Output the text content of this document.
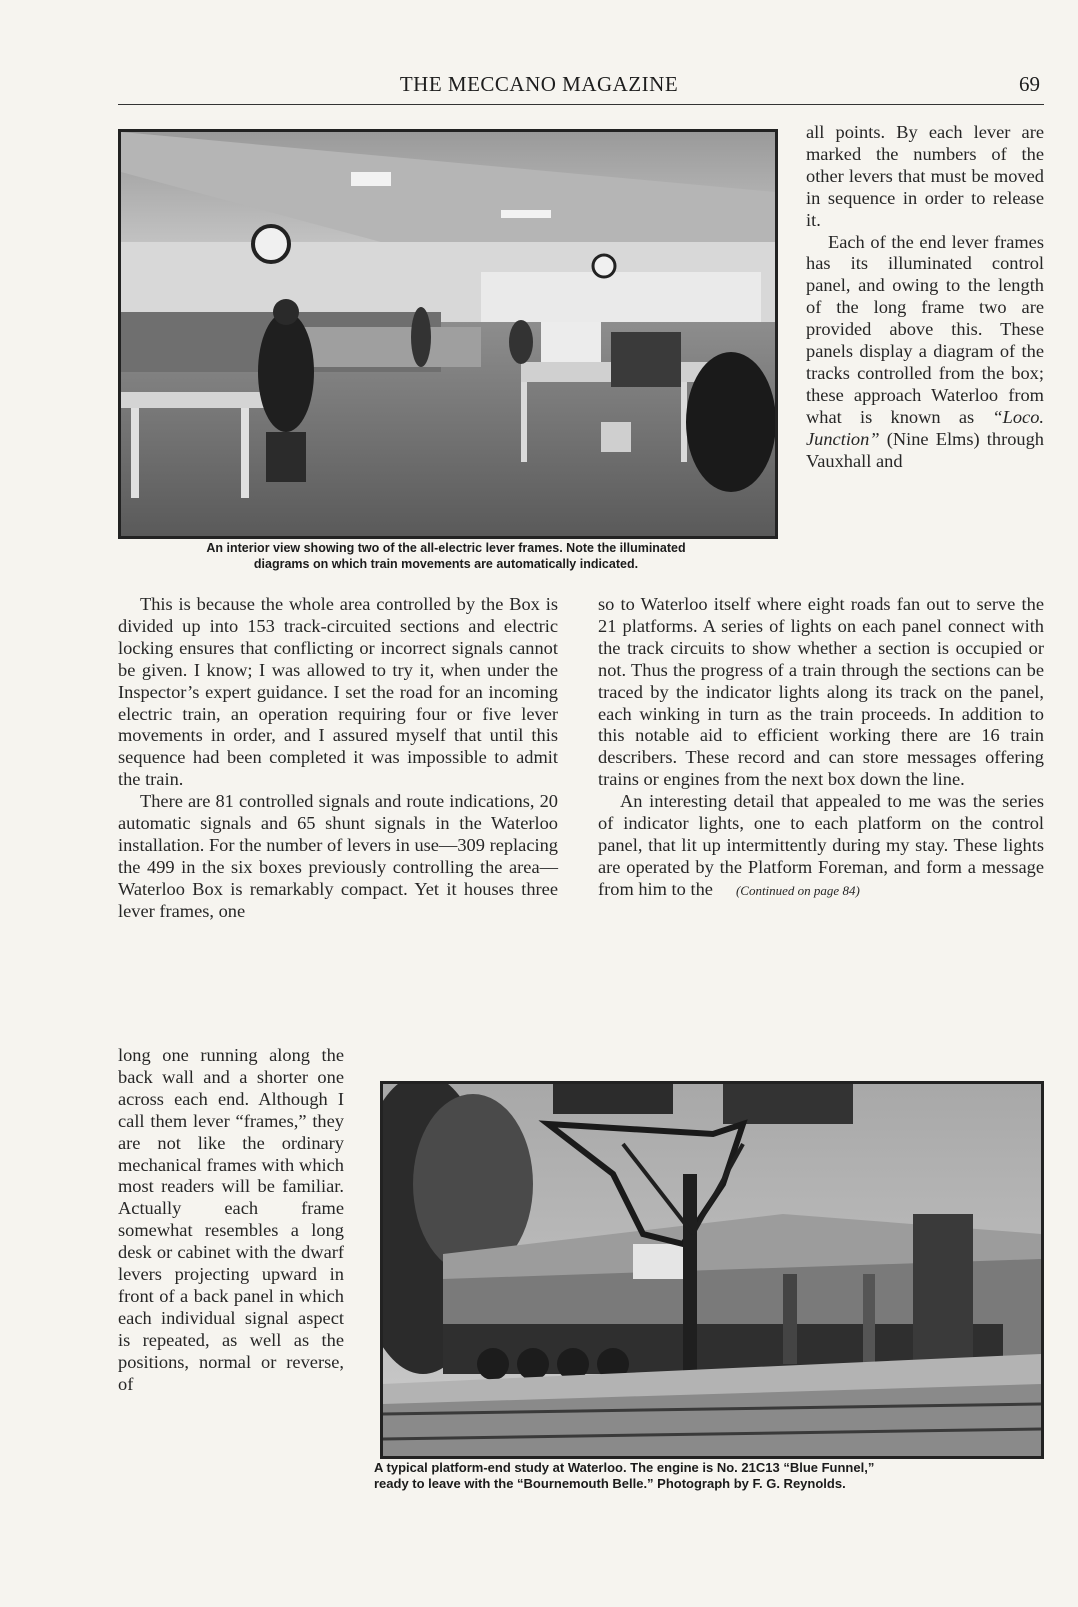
THE MECCANO MAGAZINE	69
An interior view showing two of the all-electric lever frames. Note the illuminated
diagrams on which train movements are automatically indicated.

all points. By each lever are marked the numbers of the other levers that must be moved in sequence in order to release it.

Each of the end lever frames has its illuminated control panel, and owing to the length of the long frame two are provided above this. These panels display a diagram of the tracks controlled from the box; these approach Waterloo from what is known as “Loco. Junction” (Nine Elms) through Vauxhall and

This is because the whole area controlled by the Box is divided up into 153 track-circuited sections and electric locking ensures that conflicting or incorrect signals cannot be given. I know; I was allowed to try it, when under the Inspector’s expert guidance. I set the road for an incoming electric train, an operation requiring four or five lever movements in order, and I assured myself that until this sequence had been completed it was impossible to admit the train.

There are 81 controlled signals and route indications, 20 automatic signals and 65 shunt signals in the Waterloo installation. For the number of levers in use—309 replacing the 499 in the six boxes previously controlling the area—Waterloo Box is remarkably compact. Yet it houses three lever frames, one

long one running along the back wall and a shorter one across each end. Although I call them lever “frames,” they are not like the ordinary mechanical frames with which most readers will be familiar. Actually each frame somewhat resembles a long desk or cabinet with the dwarf levers projecting upward in front of a back panel in which each individual signal aspect is repeated, as well as the positions, normal or reverse, of

so to Waterloo itself where eight roads fan out to serve the 21 platforms. A series of lights on each panel connect with the track circuits to show whether a section is occupied or not. Thus the progress of a train through the sections can be traced by the indicator lights along its track on the panel, each winking in turn as the train proceeds. In addition to this notable aid to efficient working there are 16 train describers. These record and can store messages offering trains or engines from the next box down the line.

An interesting detail that appealed to me was the series of indicator lights, one to each platform on the control panel, that lit up intermittently during my stay. These lights are operated by the Platform Foreman, and form a message from him to the (Continued on page 84)

A typical platform-end study at Waterloo. The engine is No. 21C13 “Blue Funnel,”
ready to leave with the “Bournemouth Belle.” Photograph by F. G. Reynolds.
